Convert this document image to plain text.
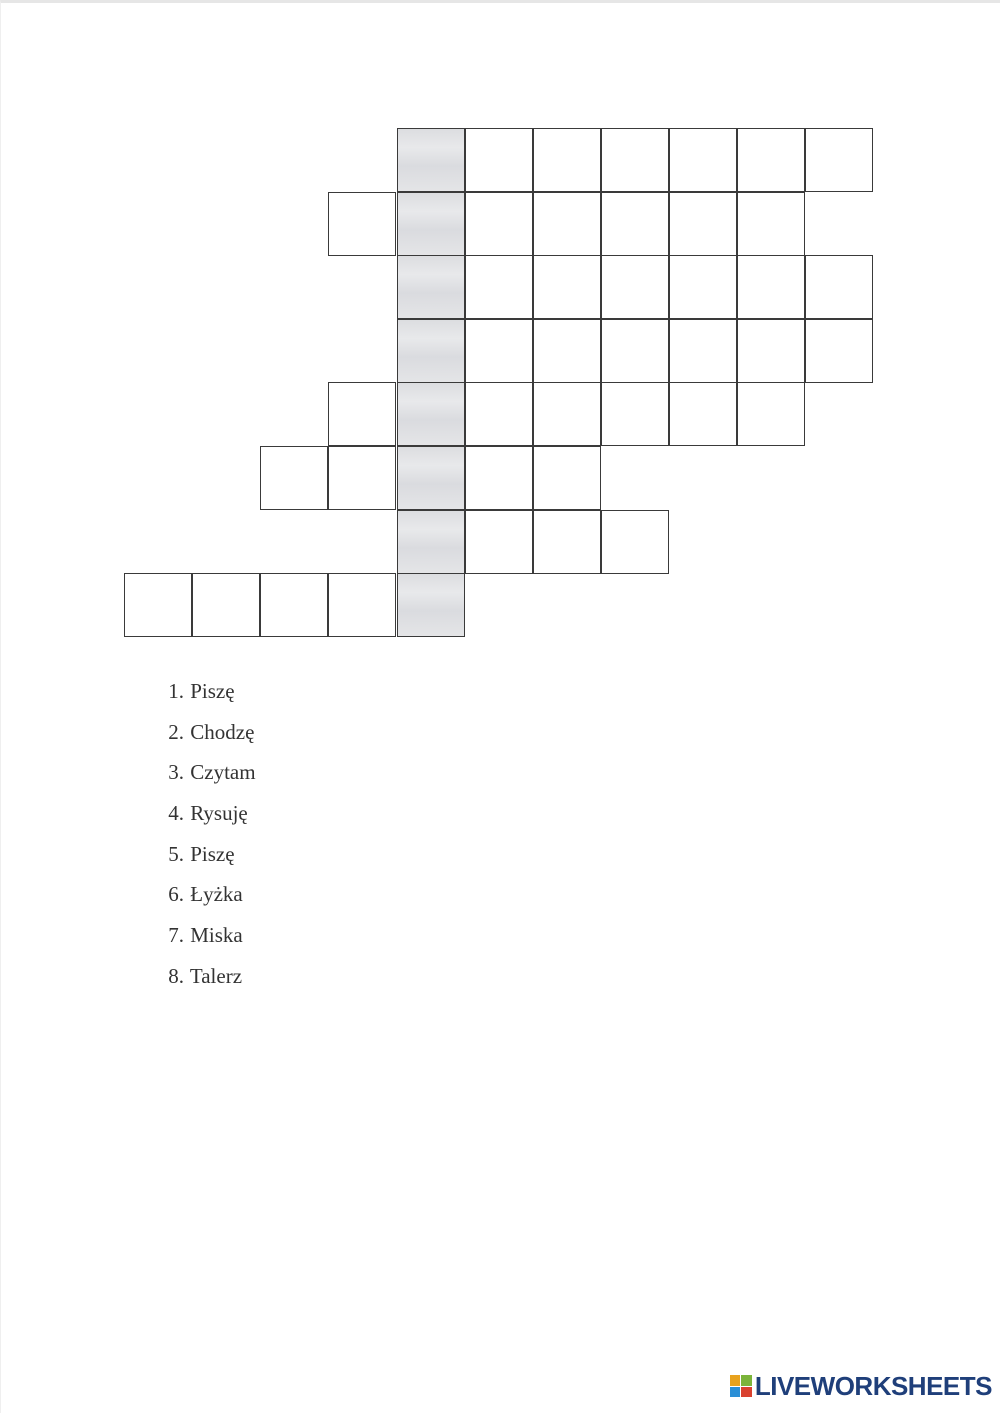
1. Piszę
2. Chodzę
3. Czytam
4. Rysuję
5. Piszę
6. Łyżka
7. Miska
8. Talerz
LIVEWORKSHEETS
